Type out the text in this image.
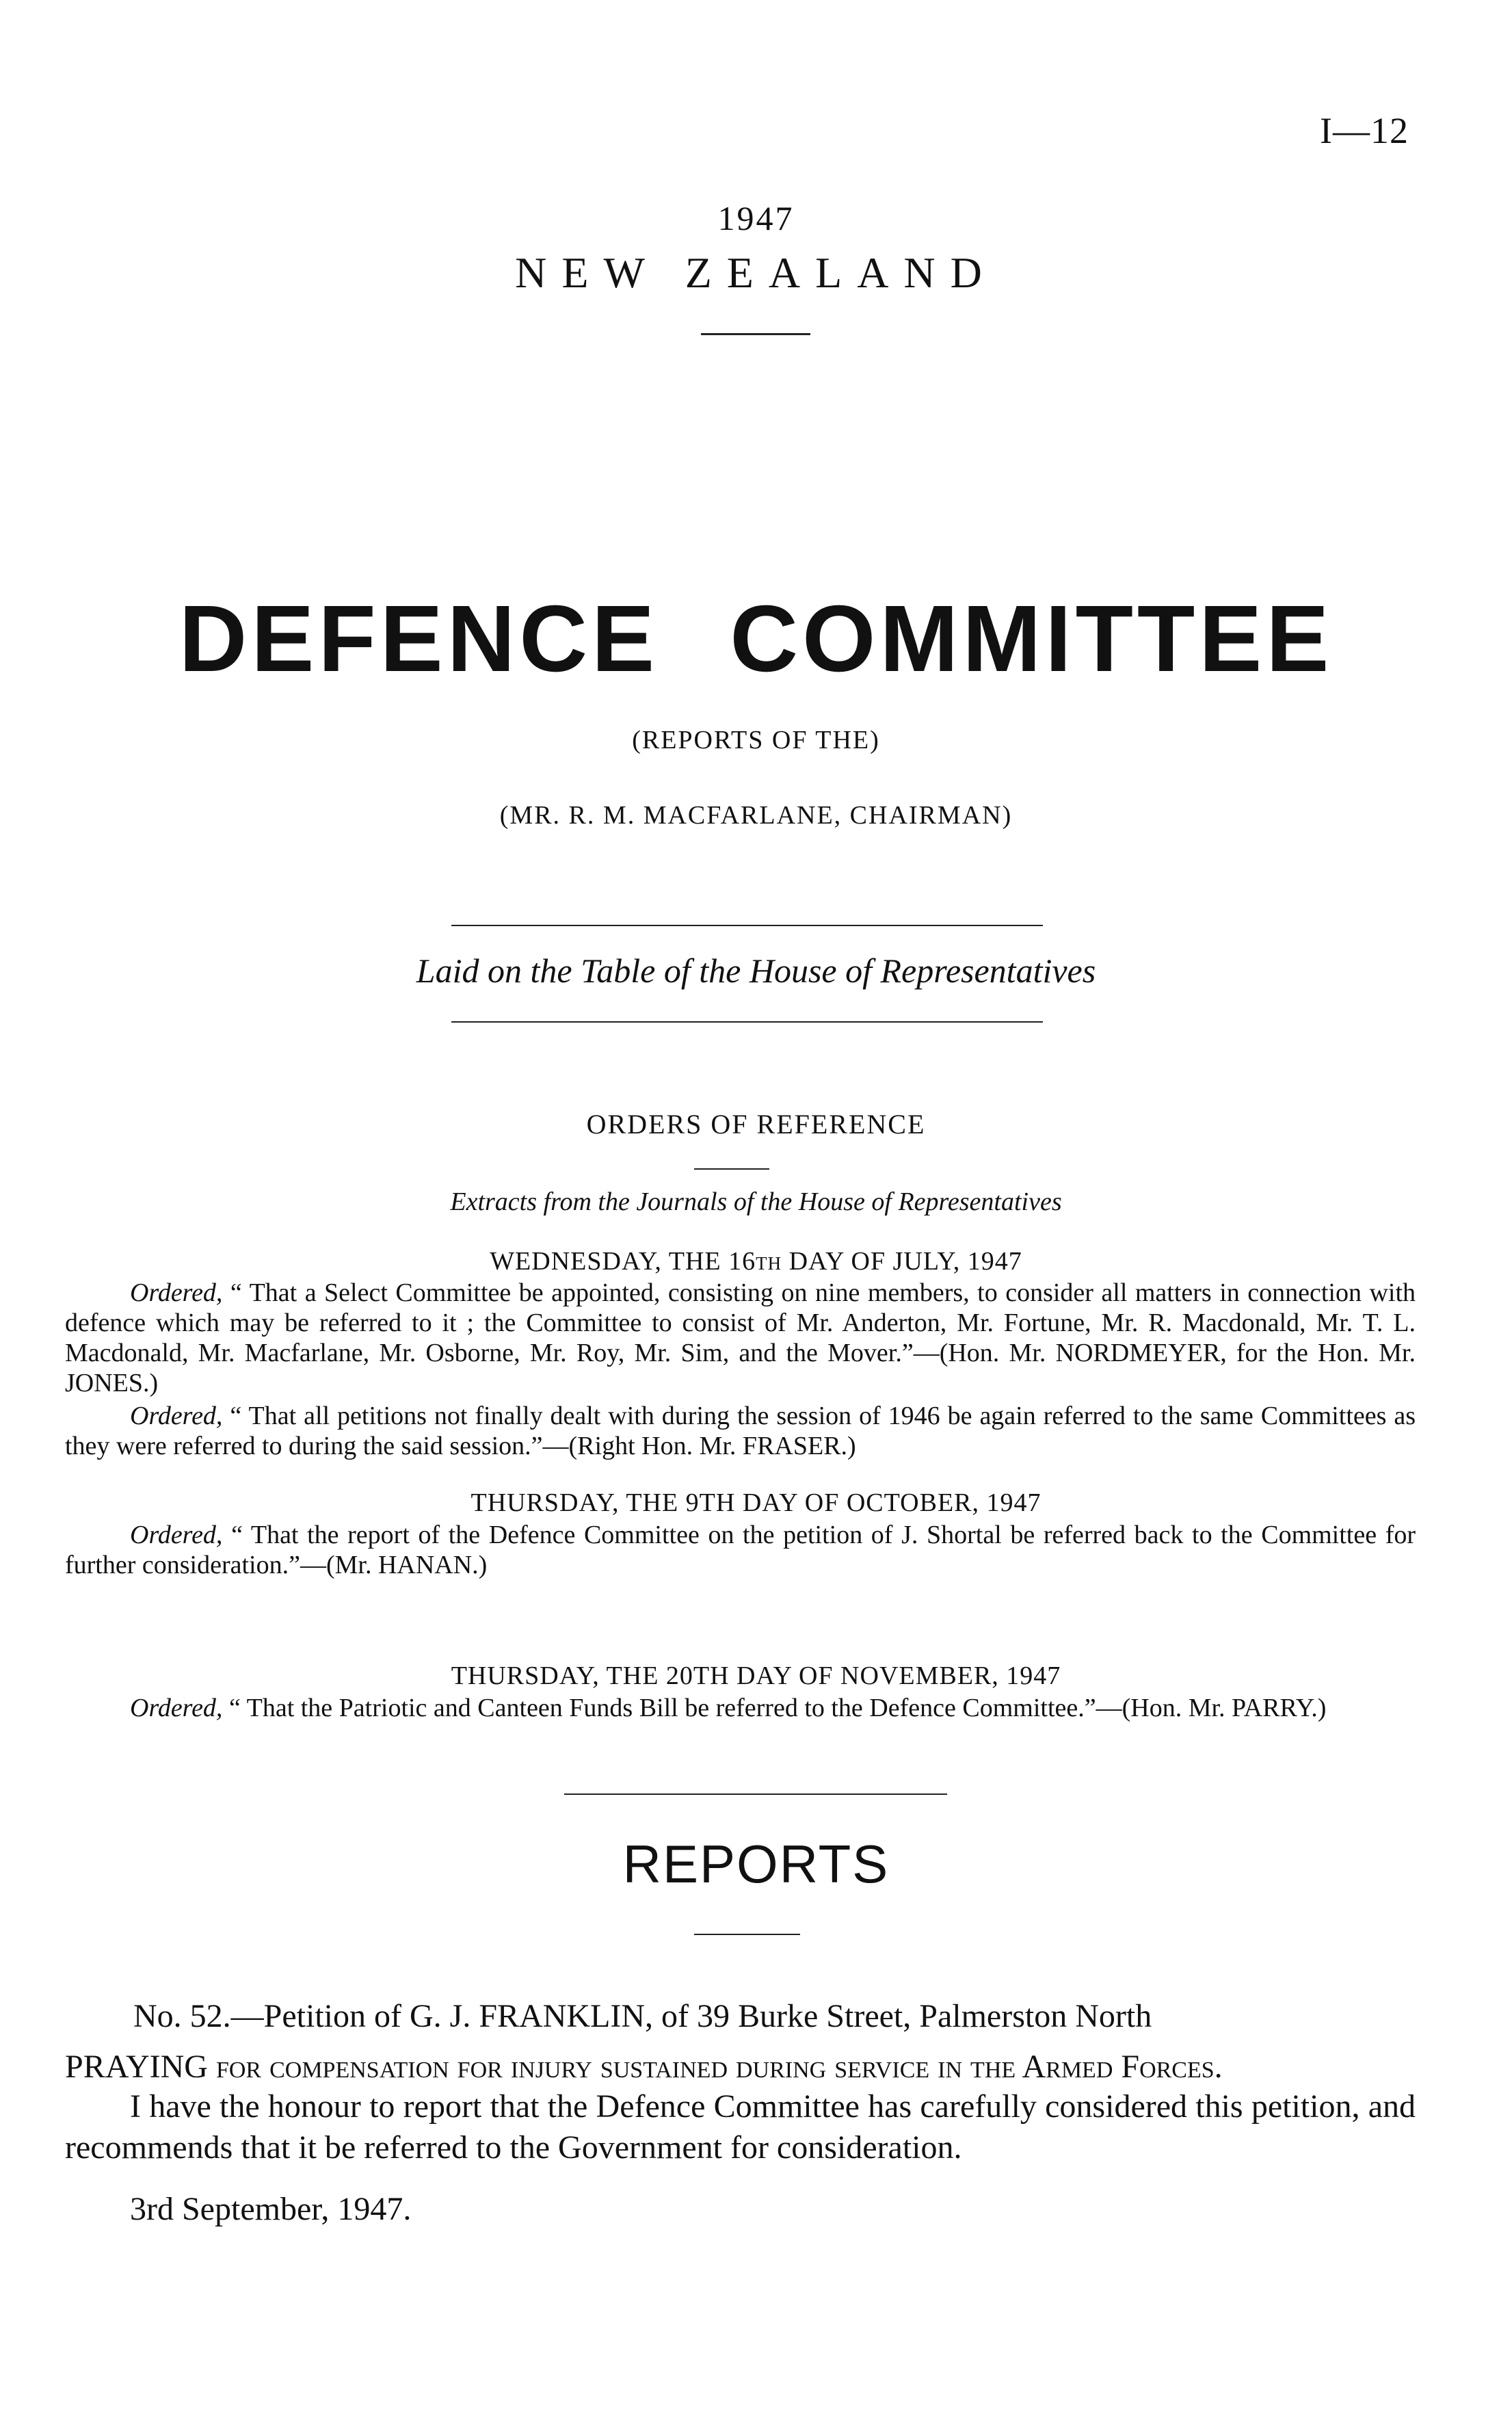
I—12
1947
NEW ZEALAND
DEFENCE COMMITTEE
(REPORTS OF THE)
(MR. R. M. MACFARLANE, CHAIRMAN)
Laid on the Table of the House of Representatives
ORDERS OF REFERENCE
Extracts from the Journals of the House of Representatives
WEDNESDAY, THE 16th DAY OF JULY, 1947
Ordered, “ That a Select Committee be appointed, consisting on nine members, to consider all matters in connection with defence which may be referred to it ; the Committee to consist of Mr. Anderton, Mr. Fortune, Mr. R. Macdonald, Mr. T. L. Macdonald, Mr. Macfarlane, Mr. Osborne, Mr. Roy, Mr. Sim, and the Mover.”—(Hon. Mr. NORDMEYER, for the Hon. Mr. JONES.)
Ordered, “ That all petitions not finally dealt with during the session of 1946 be again referred to the same Committees as they were referred to during the said session.”—(Right Hon. Mr. FRASER.)
THURSDAY, THE 9TH DAY OF OCTOBER, 1947
Ordered, “ That the report of the Defence Committee on the petition of J. Shortal be referred back to the Committee for further consideration.”—(Mr. HANAN.)
THURSDAY, THE 20TH DAY OF NOVEMBER, 1947
Ordered, “ That the Patriotic and Canteen Funds Bill be referred to the Defence Committee.”—(Hon. Mr. PARRY.)
REPORTS
No. 52.—Petition of G. J. FRANKLIN, of 39 Burke Street, Palmerston North
PRAYING for compensation for injury sustained during service in the Armed Forces.
I have the honour to report that the Defence Committee has carefully considered this petition, and recommends that it be referred to the Government for consideration.
3rd September, 1947.
